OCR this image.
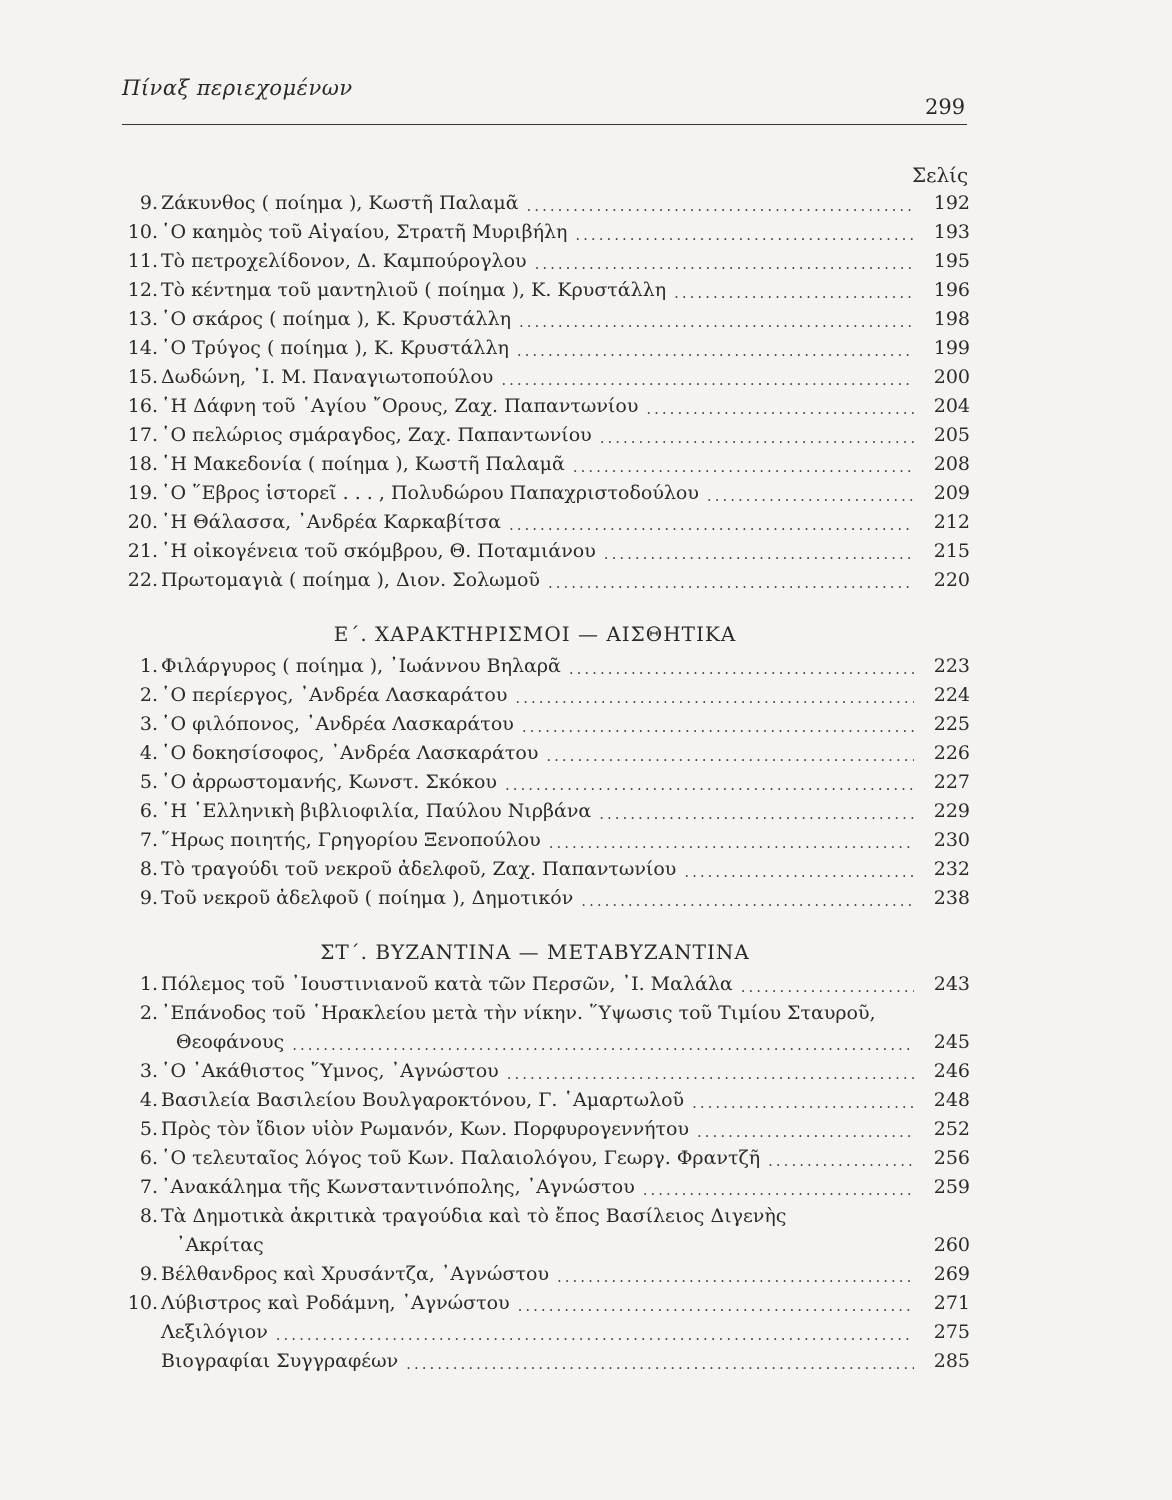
Πίναξ περιεχομένων
299
Σελίς
9. Ζάκυνθος ( ποίημα ), Κωστῆ Παλαμᾶ .....	192
10. ῾Ο καημὸς τοῦ Αἰγαίου, Στρατῆ Μυριβήλη .....	193
11. Τὸ πετροχελίδονον, Δ. Καμπούρογλου .....	195
12. Τὸ κέντημα τοῦ μαντηλιοῦ ( ποίημα ), Κ. Κρυστάλλη .....	196
13. ῾Ο σκάρος ( ποίημα ), Κ. Κρυστάλλη .....	198
14. ῾Ο Τρύγος ( ποίημα ), Κ. Κρυστάλλη .....	199
15. Δωδώνη, ᾿Ι. Μ. Παναγιωτοπούλου .....	200
16. ῾Η Δάφνη τοῦ ῾Αγίου ῎Ορους, Ζαχ. Παπαντωνίου .....	204
17. ῾Ο πελώριος σμάραγδος, Ζαχ. Παπαντωνίου .....	205
18. ῾Η Μακεδονία ( ποίημα ), Κωστῆ Παλαμᾶ .....	208
19. ῾Ο ῞Εβρος ἱστορεῖ . . . , Πολυδώρου Παπαχριστοδούλου .....	209
20. ῾Η Θάλασσα, ᾿Ανδρέα Καρκαβίτσα .....	212
21. ῾Η οἰκογένεια τοῦ σκόμβρου, Θ. Ποταμιάνου .....	215
22. Πρωτομαγιὰ ( ποίημα ), Διον. Σολωμοῦ .....	220
Ε΄. ΧΑΡΑΚΤΗΡΙΣΜΟΙ — ΑΙΣΘΗΤΙΚΑ
1. Φιλάργυρος ( ποίημα ), ᾿Ιωάννου Βηλαρᾶ .....	223
2. ῾Ο περίεργος, ᾿Ανδρέα Λασκαράτου .....	224
3. ῾Ο φιλόπονος, ᾿Ανδρέα Λασκαράτου .....	225
4. ῾Ο δοκησίσοφος, ᾿Ανδρέα Λασκαράτου .....	226
5. ῾Ο ἀρρωστομανής, Κωνστ. Σκόκου .....	227
6. ῾Η ῾Ελληνικὴ βιβλιοφιλία, Παύλου Νιρβάνα .....	229
7. ῞Ηρως ποιητής, Γρηγορίου Ξενοπούλου .....	230
8. Τὸ τραγούδι τοῦ νεκροῦ ἀδελφοῦ, Ζαχ. Παπαντωνίου .....	232
9. Τοῦ νεκροῦ ἀδελφοῦ ( ποίημα ), Δημοτικόν .....	238
ΣΤ΄. ΒΥΖΑΝΤΙΝΑ — ΜΕΤΑΒΥΖΑΝΤΙΝΑ
1. Πόλεμος τοῦ ᾿Ιουστινιανοῦ κατὰ τῶν Περσῶν, ᾿Ι. Μαλάλα .....	243
2. ᾿Επάνοδος τοῦ ῾Ηρακλείου μετὰ τὴν νίκην. ῞Υψωσις τοῦ Τιμίου Σταυροῦ,
Θεοφάνους .....	245
3. ῾Ο ᾿Ακάθιστος ῞Υμνος, ᾿Αγνώστου .....	246
4. Βασιλεία Βασιλείου Βουλγαροκτόνου, Γ. ῾Αμαρτωλοῦ .....	248
5. Πρὸς τὸν ἴδιον υἱὸν Ρωμανόν, Κων. Πορφυρογεννήτου .....	252
6. ῾Ο τελευταῖος λόγος τοῦ Κων. Παλαιολόγου, Γεωργ. Φραντζῆ .....	256
7. ᾿Ανακάλημα τῆς Κωνσταντινόπολης, ᾿Αγνώστου .....	259
8. Τὰ Δημοτικὰ ἀκριτικὰ τραγούδια καὶ τὸ ἔπος Βασίλειος Διγενὴς
᾿Ακρίτας	260
9. Βέλθανδρος καὶ Χρυσάντζα, ᾿Αγνώστου .....	269
10. Λύβιστρος καὶ Ροδάμνη, ᾿Αγνώστου .....	271
Λεξιλόγιον .....	275
Βιογραφίαι Συγγραφέων .....	285
